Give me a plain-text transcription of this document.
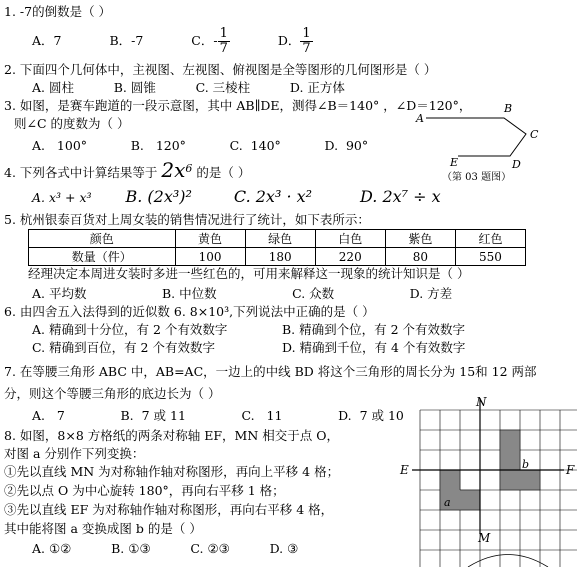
1. -7的倒数是（ ）
A．7	B．-7	C．- $\frac{1}{7}$	D． $\frac{1}{7}$
2. 下面四个几何体中，主视图、左视图、俯视图是全等图形的几何图形是（ ）
A. 圆柱          B. 圆锥          C. 三棱柱          D. 正方体
3. 如图，是赛车跑道的一段示意图，其中 AB∥DE，测得∠B＝140° ，∠D＝120°，
则∠C 的度数为（ ）
A.   100°           B.   120°           C.  140°           D.  90°
A
B
C
D
E
（第 03 题图）
4. 下列各式中计算结果等于 $2x^6$ 的是（ ）
A. x³ + x³ B. (2x³)²	C. 2x³ · x²	D. 2x⁷ ÷ x
5. 杭州银泰百货对上周女装的销售情况进行了统计，如下表所示：
颜色	黄色	绿色	白色	紫色	红色
数量（件）	100	180	220	80	550
经理决定本周进女装时多进一些红色的，可用来解释这一现象的统计知识是（ ）
A. 平均数                   B. 中位数                   C. 众数                   D. 方差
6. 由四舍五入法得到的近似数 6. 8×10³,下列说法中正确的是（ ）
A. 精确到十分位，有 2 个有效数字	B. 精确到个位，有 2 个有效数字
C. 精确到百位，有 2 个有效数字	D. 精确到千位，有 4 个有效数字
7. 在等腰三角形 ABC 中，AB=AC，一边上的中线 BD 将这个三角形的周长分为 15和 12 两部
分，则这个等腰三角形的底边长为（ ）
A.   7              B.  7 或 11              C.   11              D.  7 或 10
8. 如图，8×8 方格纸的两条对称轴 EF，MN 相交于点 O，
对图 a 分别作下列变换：
①先以直线 MN 为对称轴作轴对称图形，再向上平移 4 格；
②先以点 O 为中心旋转 180°，再向右平移 1 格；
③先以直线 EF 为对称轴作轴对称图形，再向右平移 4 格，
其中能将图 a 变换成图 b 的是（ ）
A. ①②          B. ①③          C. ②③          D. ③
N
M
E	F
a
b
